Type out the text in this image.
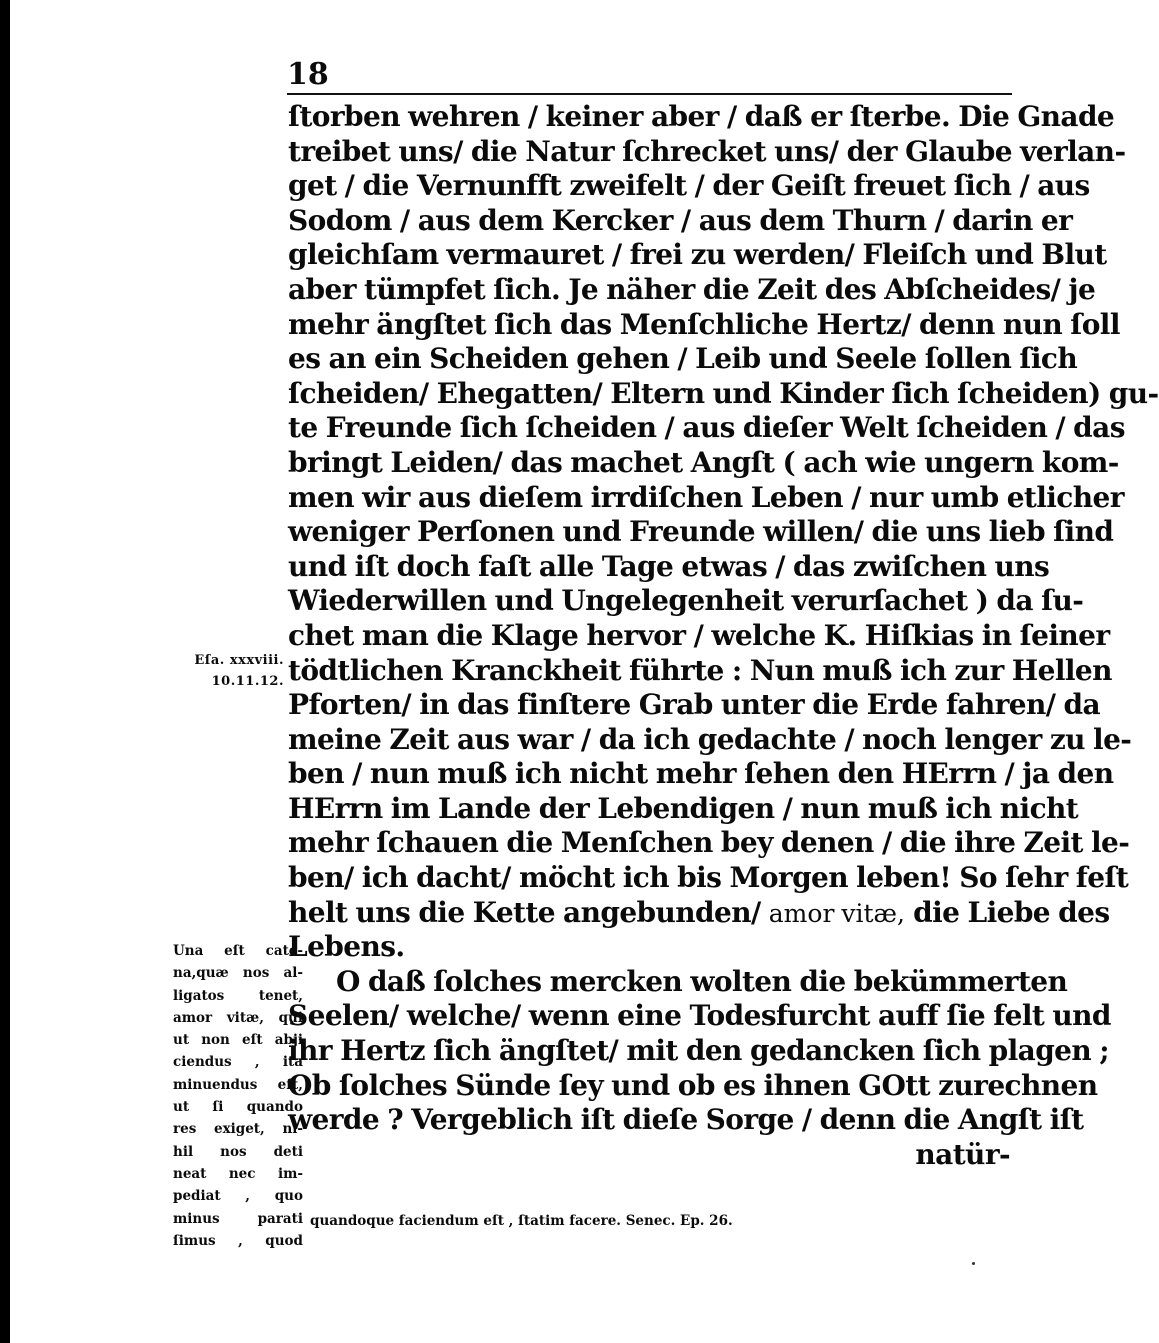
18
ſtorben wehren / keiner aber / daß er ſterbe. Die Gnade
treibet uns/ die Natur ſchrecket uns/ der Glaube verlan-
get / die Vernunfft zweifelt / der Geiſt freuet ſich / aus
Sodom / aus dem Kercker / aus dem Thurn / darin er
gleichſam vermauret / frei zu werden/ Fleiſch und Blut
aber tümpfet ſich. Je näher die Zeit des Abſcheides/ je
mehr ängſtet ſich das Menſchliche Hertz/ denn nun ſoll
es an ein Scheiden gehen / Leib und Seele ſollen ſich
ſcheiden/ Ehegatten/ Eltern und Kinder ſich ſcheiden) gu-
te Freunde ſich ſcheiden / aus dieſer Welt ſcheiden / das
bringt Leiden/ das machet Angſt ( ach wie ungern kom-
men wir aus dieſem irrdiſchen Leben / nur umb etlicher
weniger Perſonen und Freunde willen/ die uns lieb ſind
und iſt doch faſt alle Tage etwas / das zwiſchen uns
Wiederwillen und Ungelegenheit verurſachet ) da ſu-
chet man die Klage hervor / welche K. Hiſkias in ſeiner
tödtlichen Kranckheit führte : Nun muß ich zur Hellen
Pforten/ in das finſtere Grab unter die Erde fahren/ da
meine Zeit aus war / da ich gedachte / noch lenger zu le-
ben / nun muß ich nicht mehr ſehen den HErrn / ja den
HErrn im Lande der Lebendigen / nun muß ich nicht
mehr ſchauen die Menſchen bey denen / die ihre Zeit le-
ben/ ich dacht/ möcht ich bis Morgen leben! So ſehr feſt
helt uns die Kette angebunden/ amor vitæ, die Liebe des
Lebens.
O daß ſolches mercken wolten die bekümmerten
Seelen/ welche/ wenn eine Todesfurcht auff ſie felt und
ihr Hertz ſich ängſtet/ mit den gedancken ſich plagen ;
Ob ſolches Sünde ſey und ob es ihnen GOtt zurechnen
werde ? Vergeblich iſt dieſe Sorge / denn die Angſt iſt
natür-
Eſa. xxxviii.
10.11.12.
Una eſt cate-
na,quæ nos al-
ligatos tenet,
amor vitæ, qui
ut non eſt abji
ciendus , ita
minuendus eſt,
ut ſi quando
res exiget, ni-
hil nos deti
neat nec im-
pediat , quo
minus parati
ſimus , quod
quandoque faciendum eſt , ſtatim facere. Senec. Ep. 26.
